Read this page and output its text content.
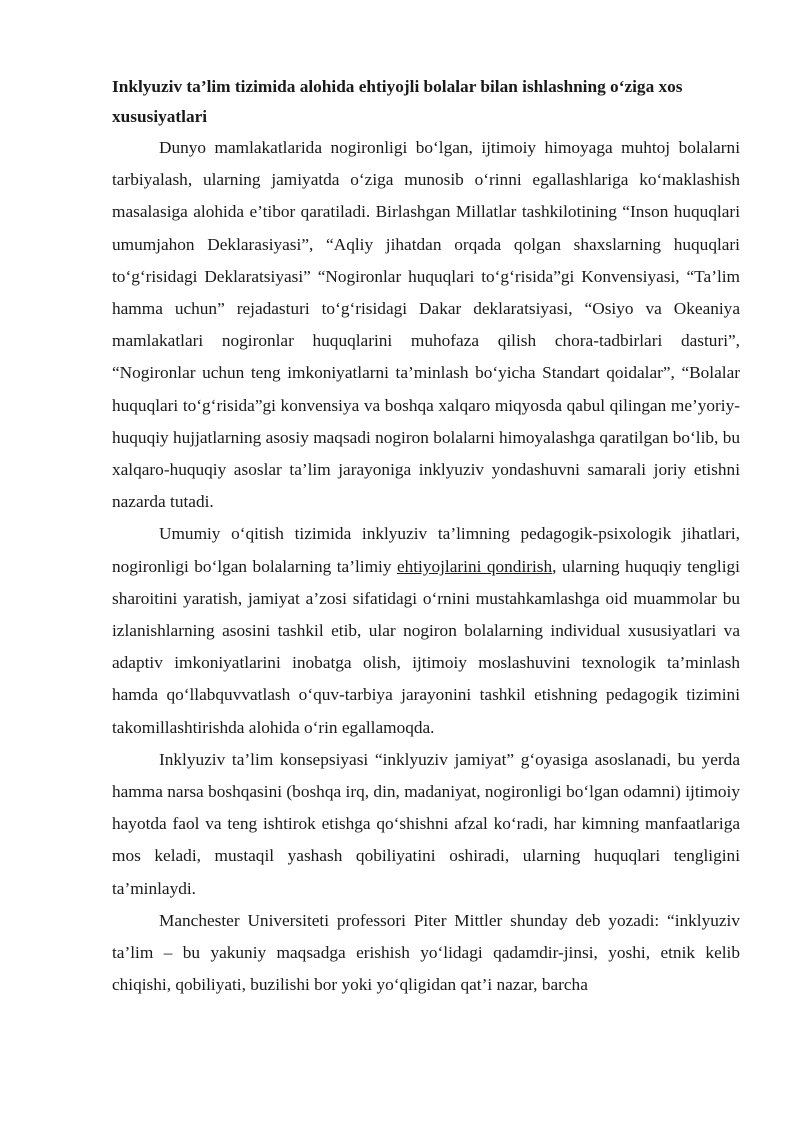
Inklyuziv ta’lim tizimida alohida ehtiyojli bolalar bilan ishlashning o‘ziga xos xususiyatlari

Dunyo mamlakatlarida nogironligi bo‘lgan, ijtimoiy himoyaga muhtoj bolalarni tarbiyalash, ularning jamiyatda o‘ziga munosib o‘rinni egallashlariga ko‘maklashish masalasiga alohida e’tibor qaratiladi. Birlashgan Millatlar tashkilotining “Inson huquqlari umumjahon Deklarasiyasi”, “Aqliy jihatdan orqada qolgan shaxslarning huquqlari to‘g‘risidagi Deklaratsiyasi” “Nogironlar huquqlari to‘g‘risida”gi Konvensiyasi, “Ta’lim hamma uchun” rejadasturi to‘g‘risidagi Dakar deklaratsiyasi, “Osiyo va Okeaniya mamlakatlari nogironlar huquqlarini muhofaza qilish chora-tadbirlari dasturi”, “Nogironlar uchun teng imkoniyatlarni ta’minlash bo‘yicha Standart qoidalar”, “Bolalar huquqlari to‘g‘risida”gi konvensiya va boshqa xalqaro miqyosda qabul qilingan me’yoriy-huquqiy hujjatlarning asosiy maqsadi nogiron bolalarni himoyalashga qaratilgan bo‘lib, bu xalqaro-huquqiy asoslar ta’lim jarayoniga inklyuziv yondashuvni samarali joriy etishni nazarda tutadi.

Umumiy o‘qitish tizimida inklyuziv ta’limning pedagogik-psixologik jihatlari, nogironligi bo‘lgan bolalarning ta’limiy ehtiyojlarini qondirish, ularning huquqiy tengligi sharoitini yaratish, jamiyat a’zosi sifatidagi o‘rnini mustahkamlashga oid muammolar bu izlanishlarning asosini tashkil etib, ular nogiron bolalarning individual xususiyatlari va adaptiv imkoniyatlarini inobatga olish, ijtimoiy moslashuvini texnologik ta’minlash hamda qo‘llabquvvatlash o‘quv-tarbiya jarayonini tashkil etishning pedagogik tizimini takomillashtirishda alohida o‘rin egallamoqda.

Inklyuziv ta’lim konsepsiyasi “inklyuziv jamiyat” g‘oyasiga asoslanadi, bu yerda hamma narsa boshqasini (boshqa irq, din, madaniyat, nogironligi bo‘lgan odamni) ijtimoiy hayotda faol va teng ishtirok etishga qo‘shishni afzal ko‘radi, har kimning manfaatlariga mos keladi, mustaqil yashash qobiliyatini oshiradi, ularning huquqlari tengligini ta’minlaydi.

Manchester Universiteti professori Piter Mittler shunday deb yozadi: “inklyuziv ta’lim – bu yakuniy maqsadga erishish yo‘lidagi qadamdir-jinsi, yoshi, etnik kelib chiqishi, qobiliyati, buzilishi bor yoki yo‘qligidan qat’i nazar, barcha
